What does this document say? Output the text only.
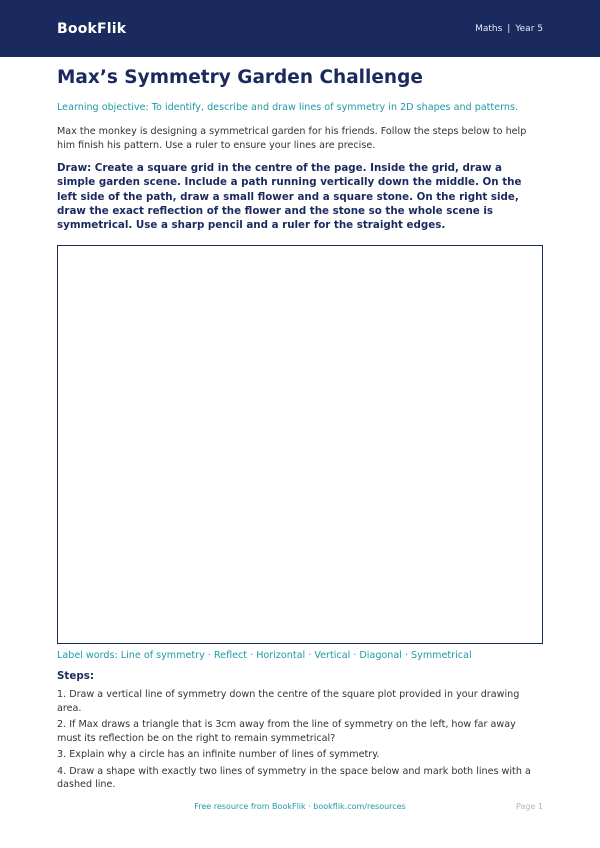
BookFlik	Maths | Year 5
Max’s Symmetry Garden Challenge
Learning objective: To identify, describe and draw lines of symmetry in 2D shapes and patterns.
Max the monkey is designing a symmetrical garden for his friends. Follow the steps below to help him finish his pattern. Use a ruler to ensure your lines are precise.
Draw: Create a square grid in the centre of the page. Inside the grid, draw a simple garden scene. Include a path running vertically down the middle. On the left side of the path, draw a small flower and a square stone. On the right side, draw the exact reflection of the flower and the stone so the whole scene is symmetrical. Use a sharp pencil and a ruler for the straight edges.
Label words: Line of symmetry · Reflect · Horizontal · Vertical · Diagonal · Symmetrical
Steps:
1. Draw a vertical line of symmetry down the centre of the square plot provided in your drawing area.
2. If Max draws a triangle that is 3cm away from the line of symmetry on the left, how far away must its reflection be on the right to remain symmetrical?
3. Explain why a circle has an infinite number of lines of symmetry.
4. Draw a shape with exactly two lines of symmetry in the space below and mark both lines with a dashed line.
Free resource from BookFlik · bookflik.com/resources	Page 1
